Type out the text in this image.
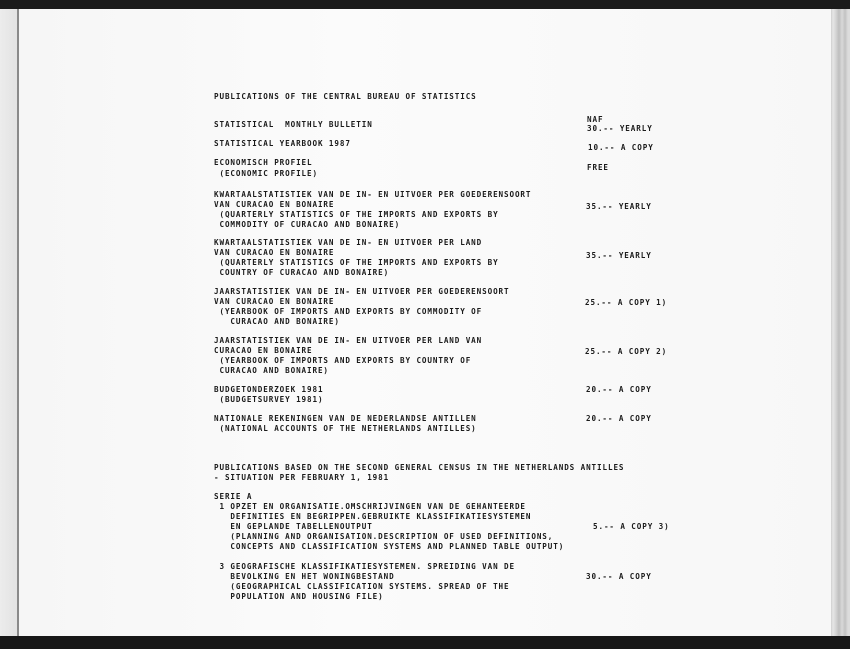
PUBLICATIONS OF THE CENTRAL BUREAU OF STATISTICS
NAF
STATISTICAL  MONTHLY BULLETIN	30.-- YEARLY
STATISTICAL YEARBOOK 1987	10.-- A COPY
ECONOMISCH PROFIEL
(ECONOMIC PROFILE)
FREE
KWARTAALSTATISTIEK VAN DE IN- EN UITVOER PER GOEDERENSOORT
VAN CURACAO EN BONAIRE
(QUARTERLY STATISTICS OF THE IMPORTS AND EXPORTS BY
COMMODITY OF CURACAO AND BONAIRE)
35.-- YEARLY
KWARTAALSTATISTIEK VAN DE IN- EN UITVOER PER LAND
VAN CURACAO EN BONAIRE
(QUARTERLY STATISTICS OF THE IMPORTS AND EXPORTS BY
COUNTRY OF CURACAO AND BONAIRE)
35.-- YEARLY
JAARSTATISTIEK VAN DE IN- EN UITVOER PER GOEDERENSOORT
VAN CURACAO EN BONAIRE
(YEARBOOK OF IMPORTS AND EXPORTS BY COMMODITY OF
CURACAO AND BONAIRE)
25.-- A COPY 1)
JAARSTATISTIEK VAN DE IN- EN UITVOER PER LAND VAN
CURACAO EN BONAIRE
(YEARBOOK OF IMPORTS AND EXPORTS BY COUNTRY OF
CURACAO AND BONAIRE)
25.-- A COPY 2)
BUDGETONDERZOEK 1981
(BUDGETSURVEY 1981)
20.-- A COPY
NATIONALE REKENINGEN VAN DE NEDERLANDSE ANTILLEN
(NATIONAL ACCOUNTS OF THE NETHERLANDS ANTILLES)
20.-- A COPY
PUBLICATIONS BASED ON THE SECOND GENERAL CENSUS IN THE NETHERLANDS ANTILLES
- SITUATION PER FEBRUARY 1, 1981
SERIE A
1 OPZET EN ORGANISATIE.OMSCHRIJVINGEN VAN DE GEHANTEERDE
DEFINITIES EN BEGRIPPEN.GEBRUIKTE KLASSIFIKATIESYSTEMEN
EN GEPLANDE TABELLENOUTPUT
(PLANNING AND ORGANISATION.DESCRIPTION OF USED DEFINITIONS,
CONCEPTS AND CLASSIFICATION SYSTEMS AND PLANNED TABLE OUTPUT)
5.-- A COPY 3)
3 GEOGRAFISCHE KLASSIFIKATIESYSTEMEN. SPREIDING VAN DE
BEVOLKING EN HET WONINGBESTAND
(GEOGRAPHICAL CLASSIFICATION SYSTEMS. SPREAD OF THE
POPULATION AND HOUSING FILE)
30.-- A COPY
